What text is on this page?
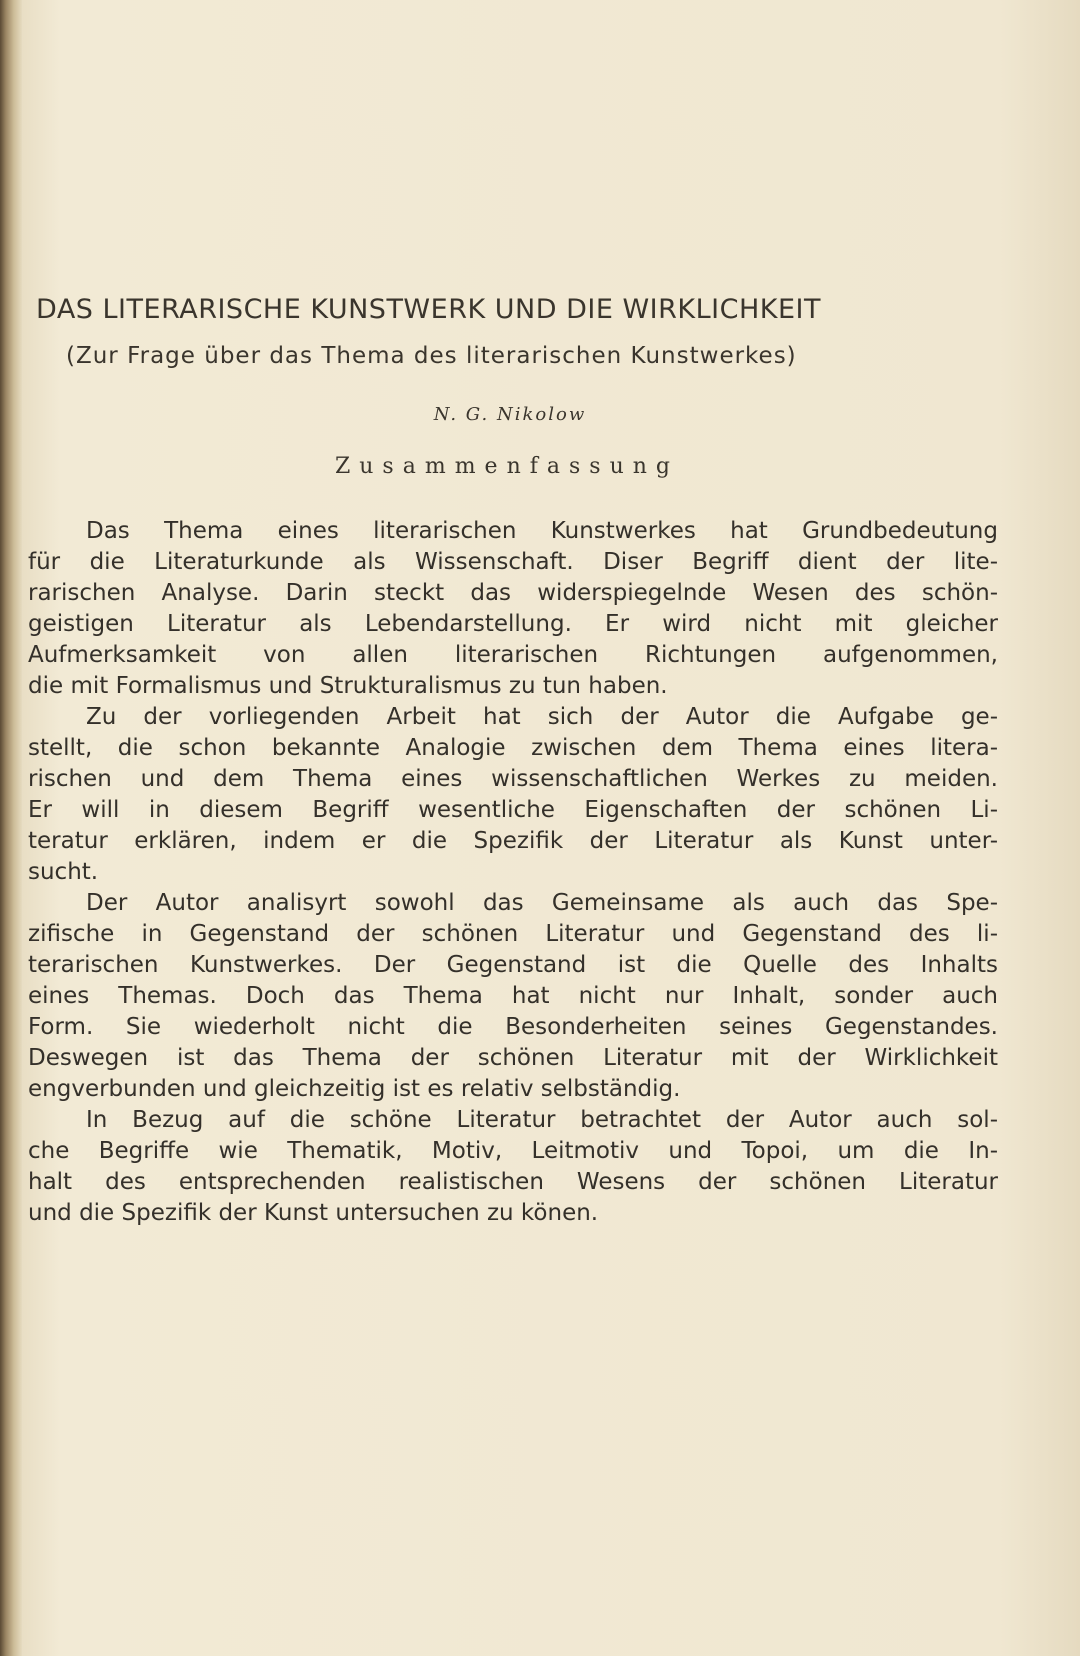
DAS LITERARISCHE KUNSTWERK UND DIE WIRKLICHKEIT
(Zur Frage über das Thema des literarischen Kunstwerkes)
N. G. Nikolow
Zusammenfassung
Das Thema eines literarischen Kunstwerkes hat Grundbedeutung
für die Literaturkunde als Wissenschaft. Diser Begriff dient der lite-
rarischen Analyse. Darin steckt das widerspiegelnde Wesen des schön-
geistigen Literatur als Lebendarstellung. Er wird nicht mit gleicher
Aufmerksamkeit von allen literarischen Richtungen aufgenommen,
die mit Formalismus und Strukturalismus zu tun haben.
Zu der vorliegenden Arbeit hat sich der Autor die Aufgabe ge-
stellt, die schon bekannte Analogie zwischen dem Thema eines litera-
rischen und dem Thema eines wissenschaftlichen Werkes zu meiden.
Er will in diesem Begriff wesentliche Eigenschaften der schönen Li-
teratur erklären, indem er die Spezifik der Literatur als Kunst unter-
sucht.
Der Autor analisyrt sowohl das Gemeinsame als auch das Spe-
zifische in Gegenstand der schönen Literatur und Gegenstand des li-
terarischen Kunstwerkes. Der Gegenstand ist die Quelle des Inhalts
eines Themas. Doch das Thema hat nicht nur Inhalt, sonder auch
Form. Sie wiederholt nicht die Besonderheiten seines Gegenstandes.
Deswegen ist das Thema der schönen Literatur mit der Wirklichkeit
engverbunden und gleichzeitig ist es relativ selbständig.
In Bezug auf die schöne Literatur betrachtet der Autor auch sol-
che Begriffe wie Thematik, Motiv, Leitmotiv und Topoi, um die In-
halt des entsprechenden realistischen Wesens der schönen Literatur
und die Spezifik der Kunst untersuchen zu könen.
